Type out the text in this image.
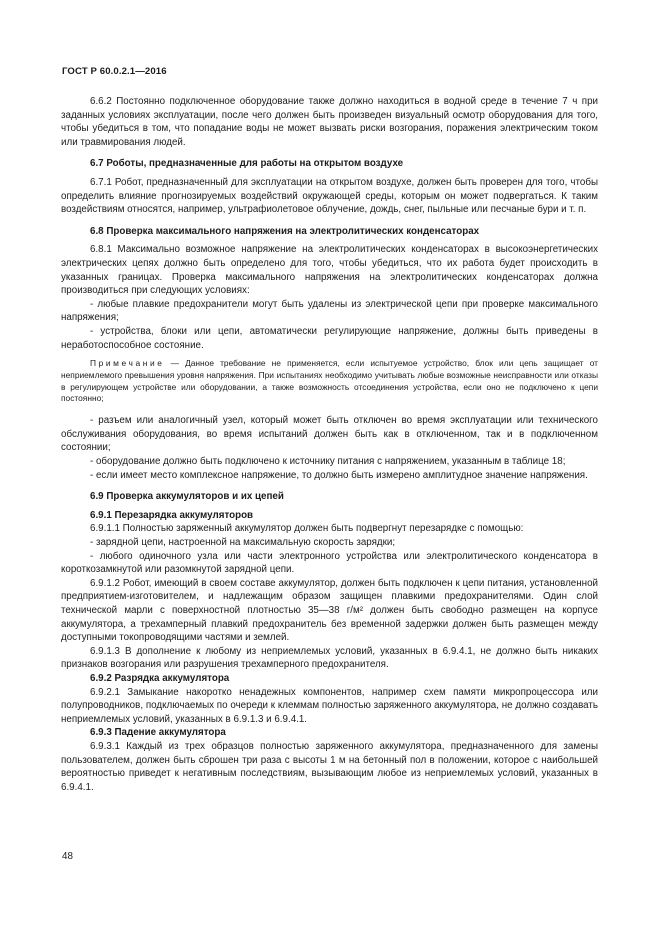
ГОСТ Р 60.0.2.1—2016

6.6.2 Постоянно подключенное оборудование также должно находиться в водной среде в течение 7 ч при заданных условиях эксплуатации, после чего должен быть произведен визуальный осмотр оборудования для того, чтобы убедиться в том, что попадание воды не может вызвать риски возгорания, поражения электрическим током или травмирования людей.

6.7 Роботы, предназначенные для работы на открытом воздухе

6.7.1 Робот, предназначенный для эксплуатации на открытом воздухе, должен быть проверен для того, чтобы определить влияние прогнозируемых воздействий окружающей среды, которым он может подвергаться. К таким воздействиям относятся, например, ультрафиолетовое облучение, дождь, снег, пыльные или песчаные бури и т. п.

6.8 Проверка максимального напряжения на электролитических конденсаторах

6.8.1 Максимально возможное напряжение на электролитических конденсаторах в высокоэнергетических электрических цепях должно быть определено для того, чтобы убедиться, что их работа будет происходить в указанных границах. Проверка максимального напряжения на электролитических конденсаторах должна производиться при следующих условиях:

- любые плавкие предохранители могут быть удалены из электрической цепи при проверке максимального напряжения;

- устройства, блоки или цепи, автоматически регулирующие напряжение, должны быть приведены в неработоспособное состояние.

Примечание — Данное требование не применяется, если испытуемое устройство, блок или цепь защищает от неприемлемого превышения уровня напряжения. При испытаниях необходимо учитывать любые возможные неисправности или отказы в регулирующем устройстве или оборудовании, а также возможность отсоединения устройства, если оно не подключено к цепи постоянно;

- разъем или аналогичный узел, который может быть отключен во время эксплуатации или технического обслуживания оборудования, во время испытаний должен быть как в отключенном, так и в подключенном состоянии;

- оборудование должно быть подключено к источнику питания с напряжением, указанным в таблице 18;

- если имеет место комплексное напряжение, то должно быть измерено амплитудное значение напряжения.

6.9 Проверка аккумуляторов и их цепей
6.9.1 Перезарядка аккумуляторов

6.9.1.1 Полностью заряженный аккумулятор должен быть подвергнут перезарядке с помощью:

- зарядной цепи, настроенной на максимальную скорость зарядки;

- любого одиночного узла или части электронного устройства или электролитического конденсатора в короткозамкнутой или разомкнутой зарядной цепи.

6.9.1.2 Робот, имеющий в своем составе аккумулятор, должен быть подключен к цепи питания, установленной предприятием-изготовителем, и надлежащим образом защищен плавкими предохранителями. Один слой технической марли с поверхностной плотностью 35—38 г/м² должен быть свободно размещен на корпусе аккумулятора, а трехамперный плавкий предохранитель без временной задержки должен быть размещен между доступными токопроводящими частями и землей.

6.9.1.3 В дополнение к любому из неприемлемых условий, указанных в 6.9.4.1, не должно быть никаких признаков возгорания или разрушения трехамперного предохранителя.

6.9.2 Разрядка аккумулятора

6.9.2.1 Замыкание накоротко ненадежных компонентов, например схем памяти микропроцессора или полупроводников, подключаемых по очереди к клеммам полностью заряженного аккумулятора, не должно создавать неприемлемых условий, указанных в 6.9.1.3 и 6.9.4.1.

6.9.3 Падение аккумулятора

6.9.3.1 Каждый из трех образцов полностью заряженного аккумулятора, предназначенного для замены пользователем, должен быть сброшен три раза с высоты 1 м на бетонный пол в положении, которое с наибольшей вероятностью приведет к негативным последствиям, вызывающим любое из неприемлемых условий, указанных в 6.9.4.1.

48
